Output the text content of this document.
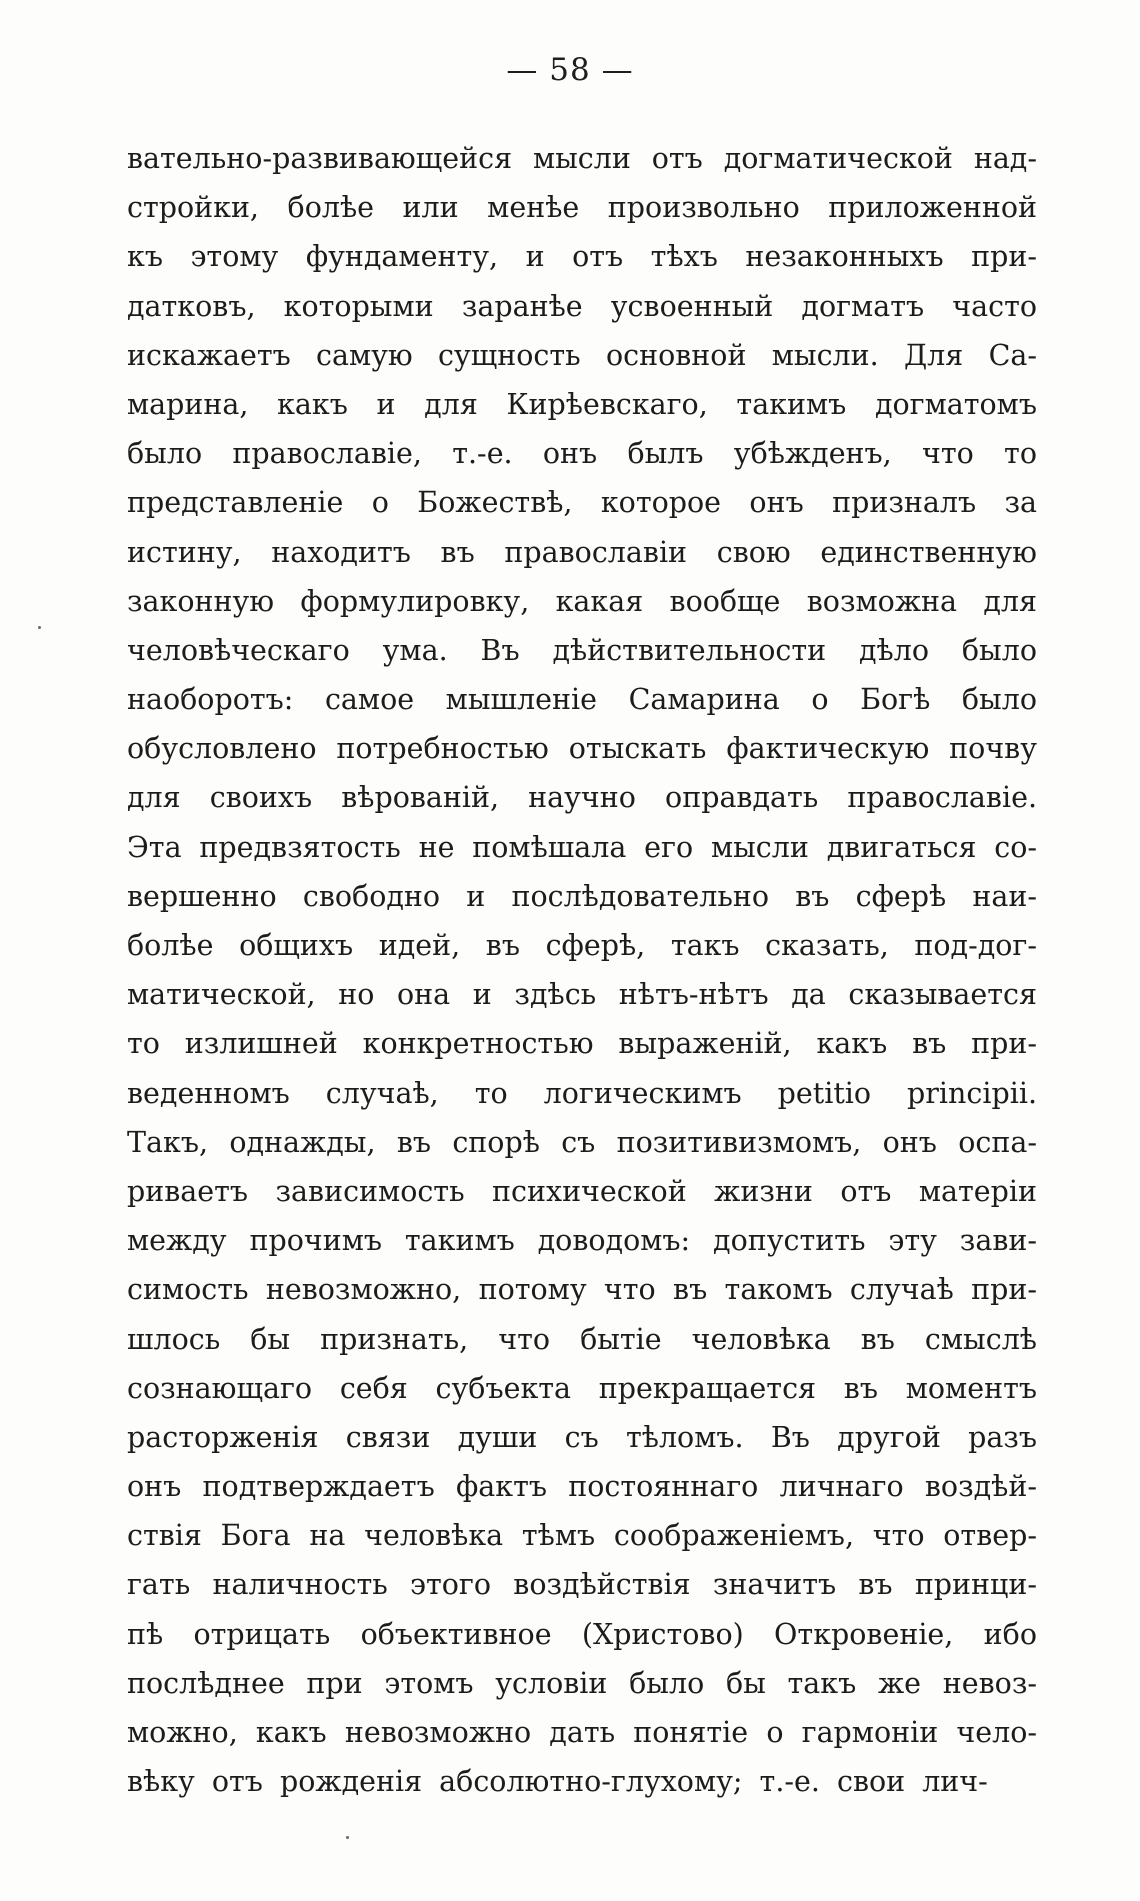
— 58 —
вательно-развивающейся мысли отъ догматической над-
стройки, болѣе или менѣе произвольно приложенной
къ этому фундаменту, и отъ тѣхъ незаконныхъ при-
датковъ, которыми заранѣе усвоенный догматъ часто
искажаетъ самую сущность основной мысли. Для Са-
марина, какъ и для Кирѣевскаго, такимъ догматомъ
было православіе, т.-е. онъ былъ убѣжденъ, что то
представленіе о Божествѣ, которое онъ призналъ за
истину, находитъ въ православіи свою единственную
законную формулировку, какая вообще возможна для
человѣческаго ума. Въ дѣйствительности дѣло было
наоборотъ: самое мышленіе Самарина о Богѣ было
обусловлено потребностью отыскать фактическую почву
для своихъ вѣрованій, научно оправдать православіе.
Эта предвзятость не помѣшала его мысли двигаться со-
вершенно свободно и послѣдовательно въ сферѣ наи-
болѣе общихъ идей, въ сферѣ, такъ сказать, под-дог-
матической, но она и здѣсь нѣтъ-нѣтъ да сказывается
то излишней конкретностью выраженій, какъ въ при-
веденномъ случаѣ, то логическимъ petitio principii.
Такъ, однажды, въ спорѣ съ позитивизмомъ, онъ оспа-
риваетъ зависимость психической жизни отъ матеріи
между прочимъ такимъ доводомъ: допустить эту зави-
симость невозможно, потому что въ такомъ случаѣ при-
шлось бы признать, что бытіе человѣка въ смыслѣ
сознающаго себя субъекта прекращается въ моментъ
расторженія связи души съ тѣломъ. Въ другой разъ
онъ подтверждаетъ фактъ постояннаго личнаго воздѣй-
ствія Бога на человѣка тѣмъ соображеніемъ, что отвер-
гать наличность этого воздѣйствія значитъ въ принци-
пѣ отрицать объективное (Христово) Откровеніе, ибо
послѣднее при этомъ условіи было бы такъ же невоз-
можно, какъ невозможно дать понятіе о гармоніи чело-
вѣку отъ рожденія абсолютно-глухому; т.-е. свои лич-
